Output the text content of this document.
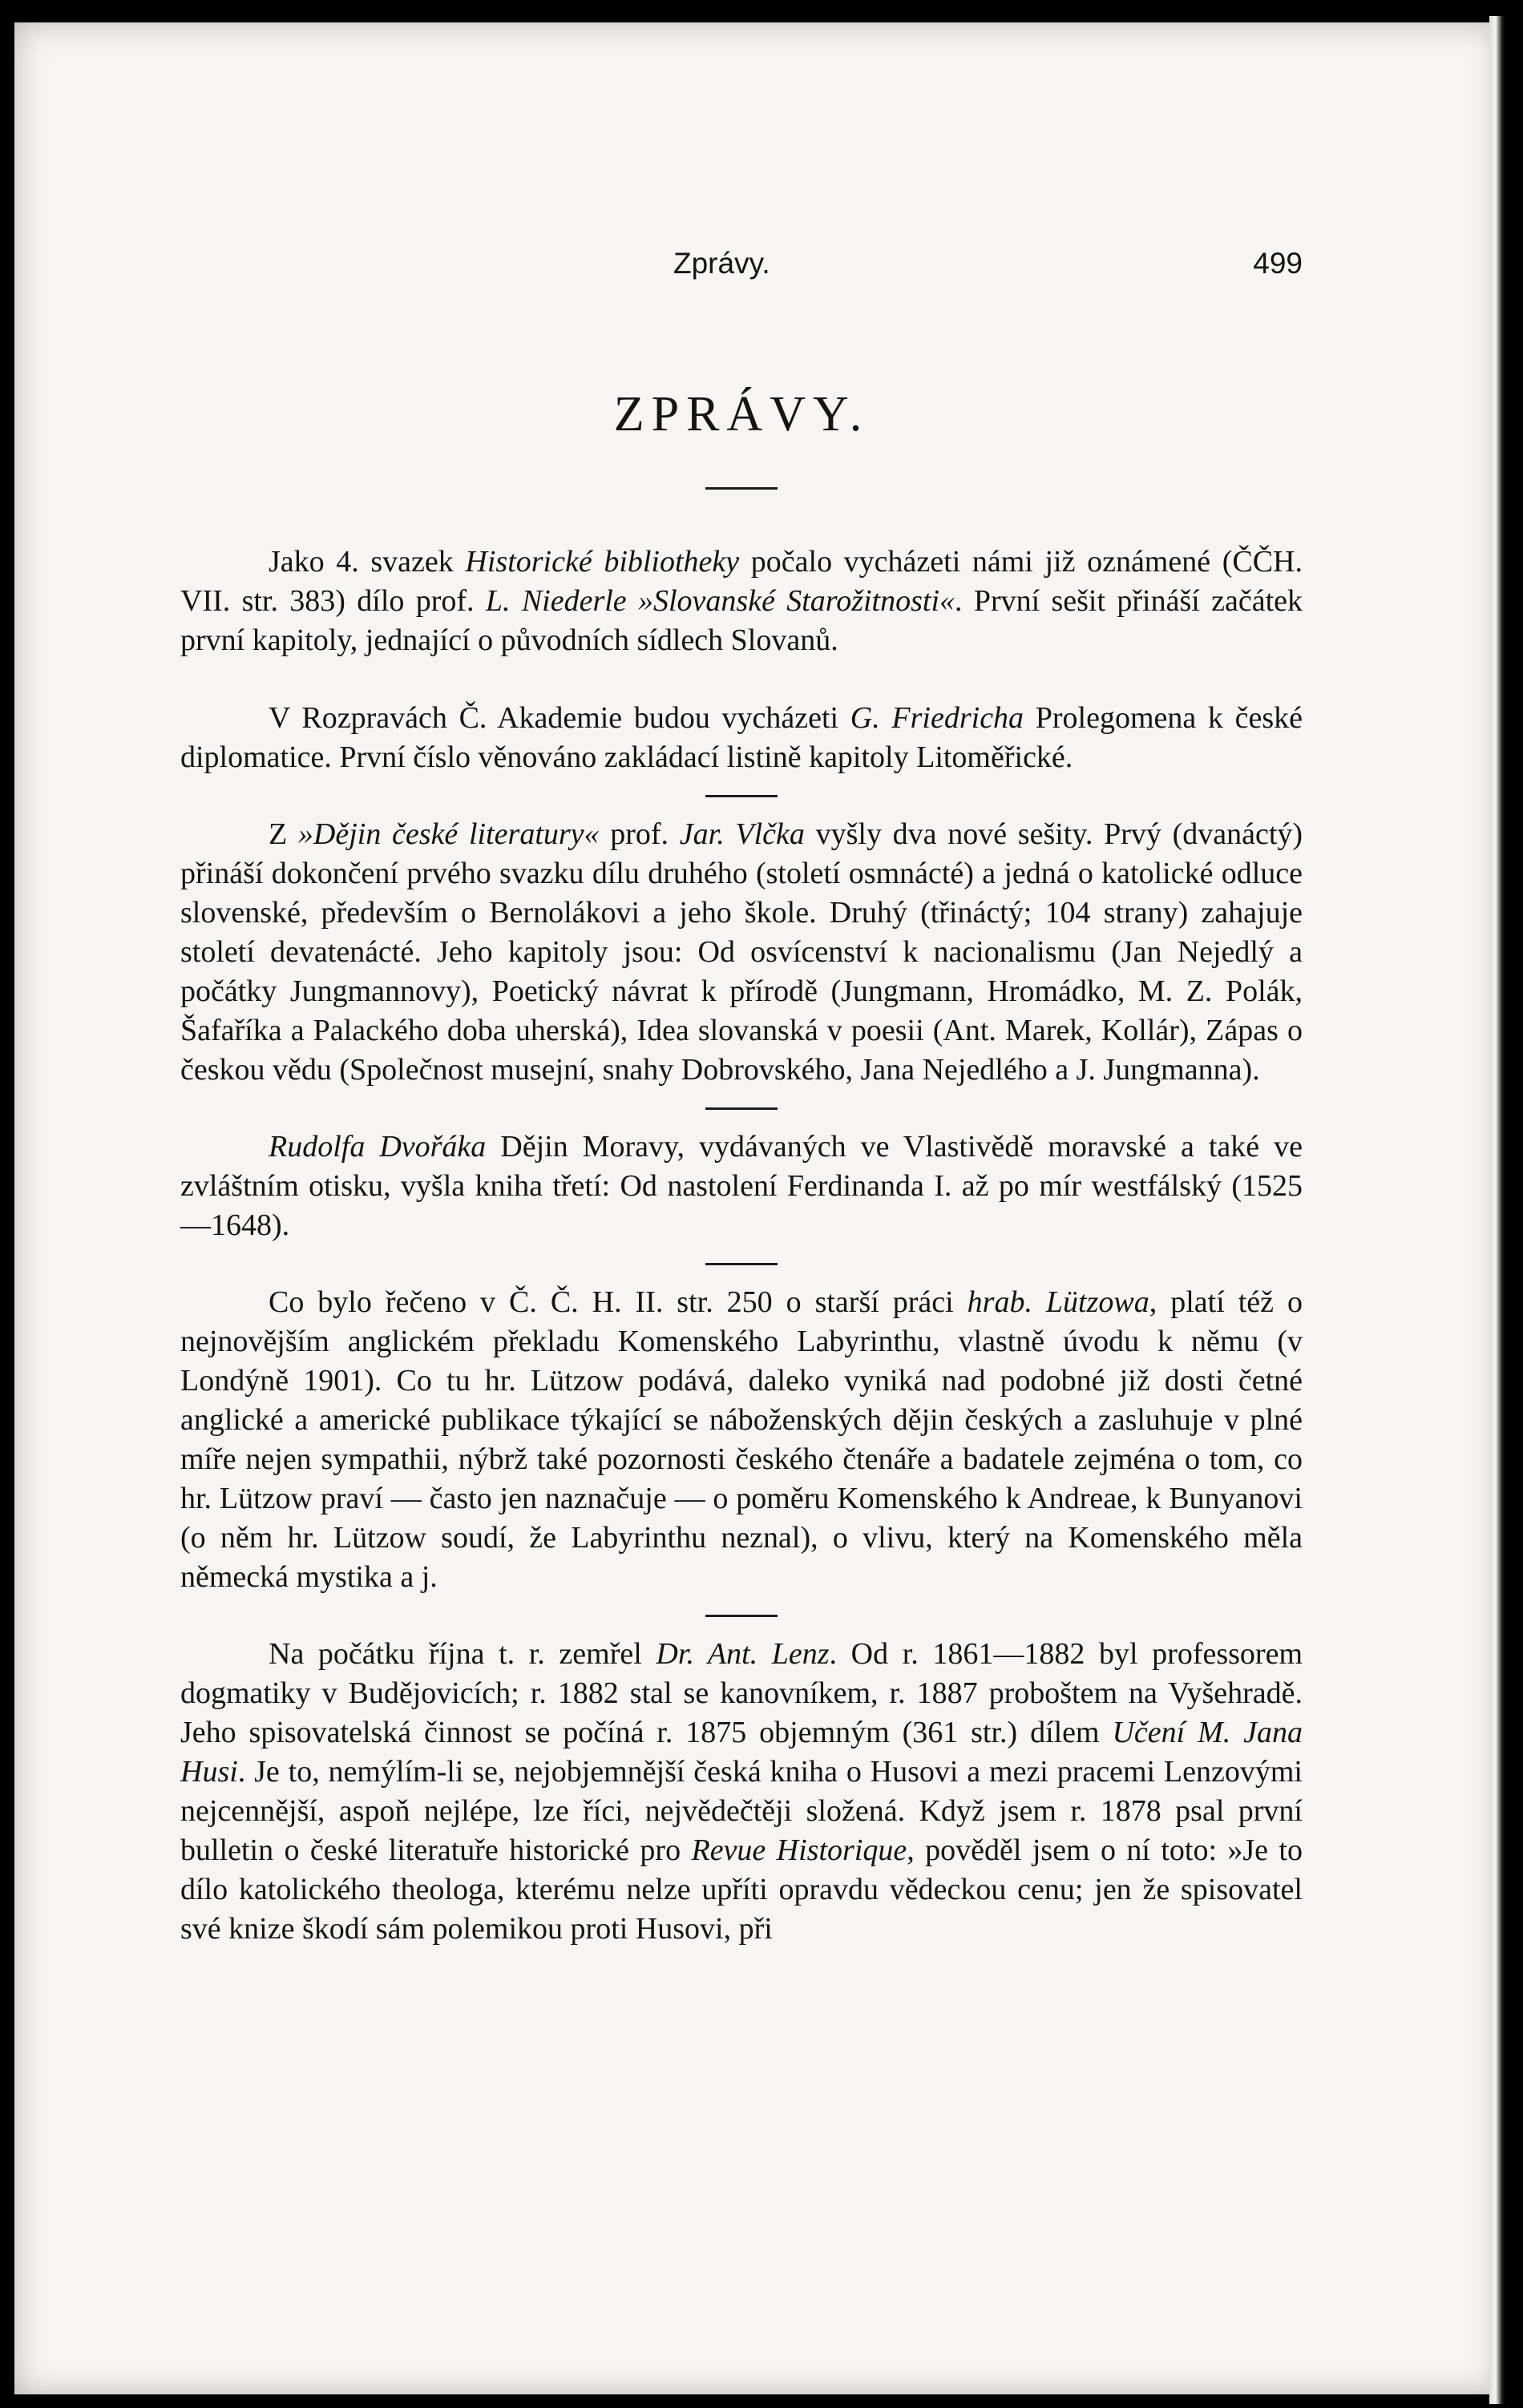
Zprávy.	499
ZPRÁVY.

Jako 4. svazek Historické bibliotheky počalo vycházeti námi již oznámené (ČČH. VII. str. 383) dílo prof. L. Niederle »Slovanské Starožitnosti«. První sešit přináší začátek první kapitoly, jednající o původních sídlech Slovanů.

V Rozpravách Č. Akademie budou vycházeti G. Friedricha Prolegomena k české diplomatice. První číslo věnováno zakládací listině kapitoly Litoměřické.

Z »Dějin české literatury« prof. Jar. Vlčka vyšly dva nové sešity. Prvý (dvanáctý) přináší dokončení prvého svazku dílu druhého (století osmnácté) a jedná o katolické odluce slovenské, především o Bernolákovi a jeho škole. Druhý (třináctý; 104 strany) zahajuje století devatenácté. Jeho kapitoly jsou: Od osvícenství k nacionalismu (Jan Nejedlý a počátky Jungmannovy), Poetický návrat k přírodě (Jungmann, Hromádko, M. Z. Polák, Šafaříka a Palackého doba uherská), Idea slovanská v poesii (Ant. Marek, Kollár), Zápas o českou vědu (Společnost musejní, snahy Dobrovského, Jana Nejedlého a J. Jungmanna).

Rudolfa Dvořáka Dějin Moravy, vydávaných ve Vlastivědě moravské a také ve zvláštním otisku, vyšla kniha třetí: Od nastolení Ferdinanda I. až po mír westfálský (1525—1648).

Co bylo řečeno v Č. Č. H. II. str. 250 o starší práci hrab. Lützowa, platí též o nejnovějším anglickém překladu Komenského Labyrinthu, vlastně úvodu k němu (v Londýně 1901). Co tu hr. Lützow podává, daleko vyniká nad podobné již dosti četné anglické a americké publikace týkající se náboženských dějin českých a zasluhuje v plné míře nejen sympathii, nýbrž také pozornosti českého čtenáře a badatele zejména o tom, co hr. Lützow praví — často jen naznačuje — o poměru Komenského k Andreae, k Bunyanovi (o něm hr. Lützow soudí, že Labyrinthu neznal), o vlivu, který na Komenského měla německá mystika a j.

Na počátku října t. r. zemřel Dr. Ant. Lenz. Od r. 1861—1882 byl professorem dogmatiky v Budějovicích; r. 1882 stal se kanovníkem, r. 1887 proboštem na Vyšehradě. Jeho spisovatelská činnost se počíná r. 1875 objemným (361 str.) dílem Učení M. Jana Husi. Je to, nemýlím-li se, nejobjemnější česká kniha o Husovi a mezi pracemi Lenzovými nejcennější, aspoň nejlépe, lze říci, nejvědečtěji složená. Když jsem r. 1878 psal první bulletin o české literatuře historické pro Revue Historique, pověděl jsem o ní toto: »Je to dílo katolického theologa, kterému nelze upříti opravdu vědeckou cenu; jen že spisovatel své knize škodí sám polemikou proti Husovi, při
